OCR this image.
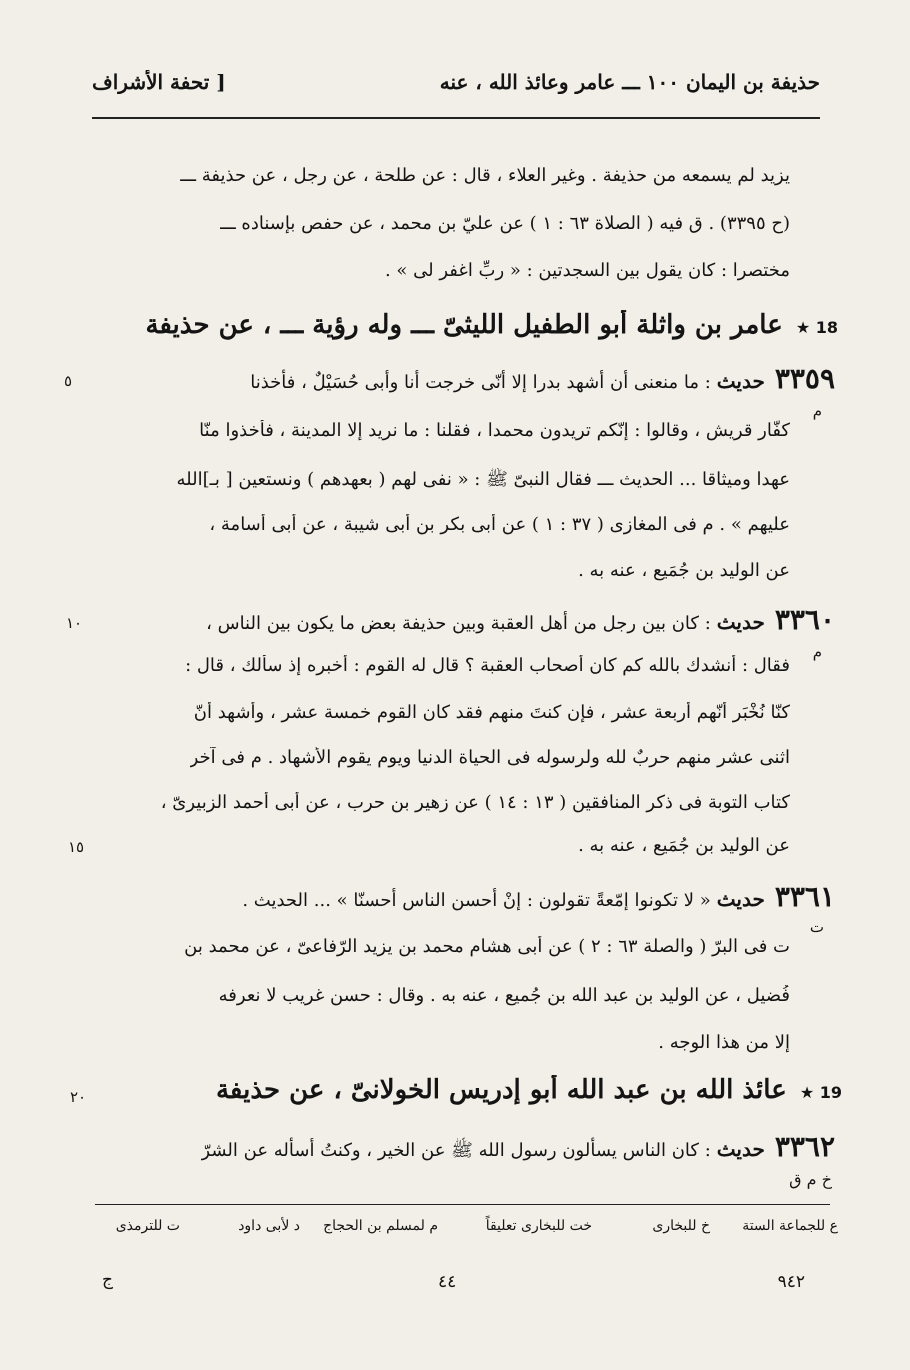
حذيفة بن اليمان ١٠٠ ـــ عامر وعائذ الله ، عنه
[ تحفة الأشراف
يزيد لم يسمعه من حذيفة . وغير العلاء ، قال : عن طلحة ، عن رجل ، عن حذيفة ـــ
(ح ٣٣٩٥) . ق فيه ( الصلاة ٦٣ : ١ ) عن عليّ بن محمد ، عن حفص بإسناده ـــ
مختصرا : كان يقول بين السجدتين : « ربِّ اغفر لى » .
18 ★ عامر بن واثلة أبو الطفيل الليثىّ ـــ وله رؤية ـــ ، عن حذيفة
٣٣٥٩حديث: ما منعنى أن أشهد بدرا إلا أنّى خرجت أنا وأبى حُسَيْلٌ ، فأخذنا
٥
م
كفّار قريش ، وقالوا : إنّكم تريدون محمدا ، فقلنا : ما نريد إلا المدينة ، فأخذوا منّا
عهدا وميثاقا ... الحديث ـــ فقال النبىّ ﷺ : « نفى لهم ( بعهدهم ) ونستعين [ بـ]الله
عليهم » . م فى المغازى ( ٣٧ : ١ ) عن أبى بكر بن أبى شيبة ، عن أبى أسامة ،
عن الوليد بن جُمَيع ، عنه به .
٣٣٦٠حديث: كان بين رجل من أهل العقبة وبين حذيفة بعض ما يكون بين الناس ،
١٠
م
فقال : أنشدك بالله كم كان أصحاب العقبة ؟ قال له القوم : أخبره إذ سألك ، قال :
كنّا نُخْبَر أنّهم أربعة عشر ، فإن كنتَ منهم فقد كان القوم خمسة عشر ، وأشهد أنّ
اثنى عشر منهم حربٌ لله ولرسوله فى الحياة الدنيا ويوم يقوم الأشهاد . م فى آخر
كتاب التوبة فى ذكر المنافقين ( ١٣ : ١٤ ) عن زهير بن حرب ، عن أبى أحمد الزبيرىّ ،
عن الوليد بن جُمَيع ، عنه به .
١٥
٣٣٦١حديث« لا تكونوا إمّعةً تقولون : إنْ أحسن الناس أحسنّا » ... الحديث .
ت
ت فى البرّ ( والصلة ٦٣ : ٢ ) عن أبى هشام محمد بن يزيد الرّفاعىّ ، عن محمد بن
فُضيل ، عن الوليد بن عبد الله بن جُميع ، عنه به . وقال : حسن غريب لا نعرفه
إلا من هذا الوجه .
19 ★ عائذ الله بن عبد الله أبو إدريس الخولانىّ ، عن حذيفة
٢٠
٣٣٦٢حديث: كان الناس يسألون رسول الله ﷺ عن الخير ، وكنتُ أسأله عن الشرّ
خ م ق
ع للجماعة الستة
خ للبخارى
خت للبخارى تعليقاً
م لمسلم بن الحجاج
د لأبى داود
ت للترمذى
٩٤٢
٤٤
ج
